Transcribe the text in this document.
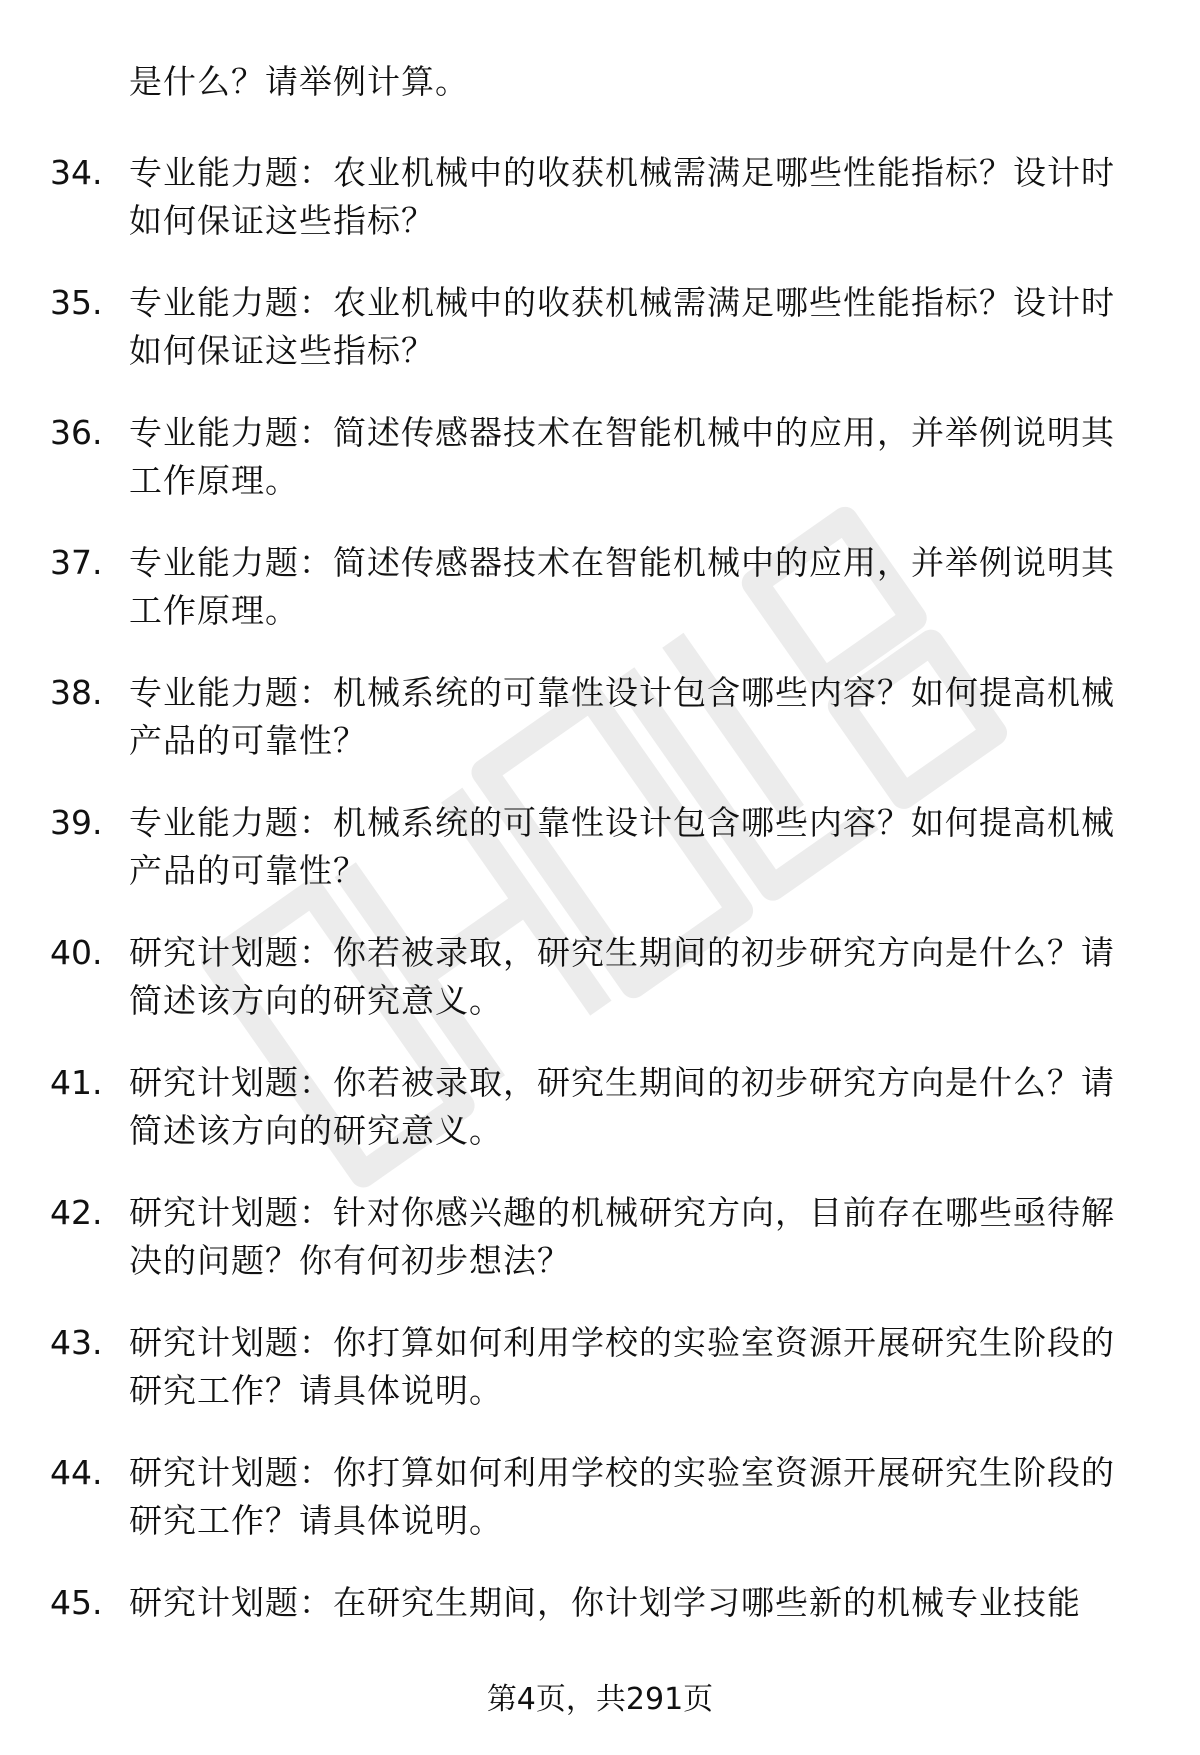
是什么？请举例计算。
34. 专业能力题：农业机械中的收获机械需满足哪些性能指标？设计时如何保证这些指标？
35. 专业能力题：农业机械中的收获机械需满足哪些性能指标？设计时如何保证这些指标？
36. 专业能力题：简述传感器技术在智能机械中的应用，并举例说明其工作原理。
37. 专业能力题：简述传感器技术在智能机械中的应用，并举例说明其工作原理。
38. 专业能力题：机械系统的可靠性设计包含哪些内容？如何提高机械产品的可靠性？
39. 专业能力题：机械系统的可靠性设计包含哪些内容？如何提高机械产品的可靠性？
40. 研究计划题：你若被录取，研究生期间的初步研究方向是什么？请简述该方向的研究意义。
41. 研究计划题：你若被录取，研究生期间的初步研究方向是什么？请简述该方向的研究意义。
42. 研究计划题：针对你感兴趣的机械研究方向，目前存在哪些亟待解决的问题？你有何初步想法？
43. 研究计划题：你打算如何利用学校的实验室资源开展研究生阶段的研究工作？请具体说明。
44. 研究计划题：你打算如何利用学校的实验室资源开展研究生阶段的研究工作？请具体说明。
45. 研究计划题：在研究生期间，你计划学习哪些新的机械专业技能
第4页，共291页
